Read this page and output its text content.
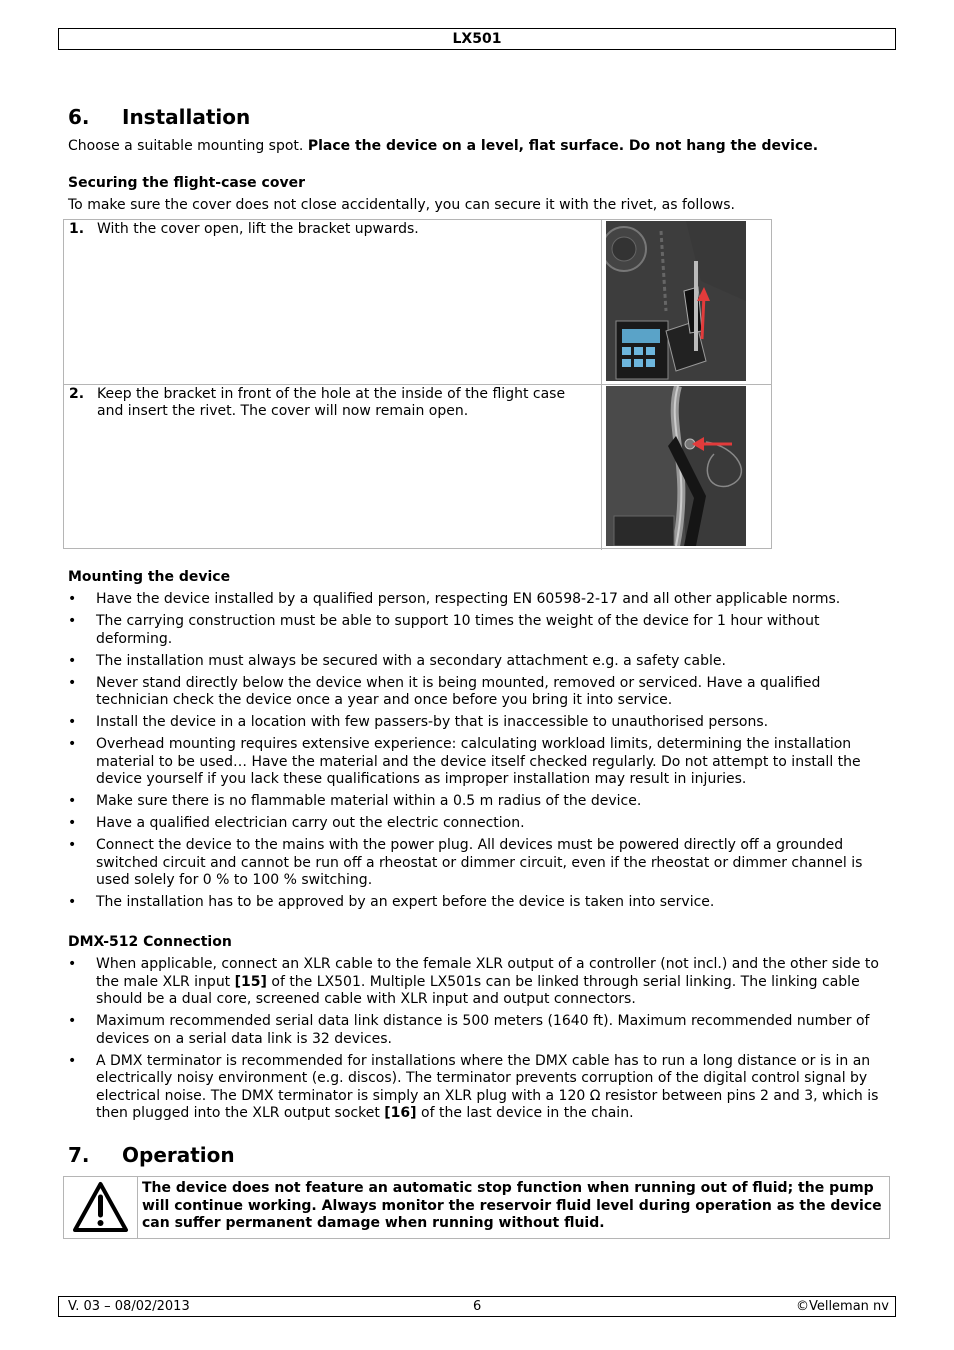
LX501
6. Installation

Choose a suitable mounting spot. Place the device on a level, flat surface. Do not hang the device.

Securing the flight-case cover

To make sure the cover does not close accidentally, you can secure it with the rivet, as follows.

1. With the cover open, lift the bracket upwards.
2. Keep the bracket in front of the hole at the inside of the flight case and insert the rivet. The cover will now remain open.

Mounting the device

• Have the device installed by a qualified person, respecting EN 60598-2-17 and all other applicable norms.
• The carrying construction must be able to support 10 times the weight of the device for 1 hour without deforming.
• The installation must always be secured with a secondary attachment e.g. a safety cable.
• Never stand directly below the device when it is being mounted, removed or serviced. Have a qualified technician check the device once a year and once before you bring it into service.
• Install the device in a location with few passers-by that is inaccessible to unauthorised persons.
• Overhead mounting requires extensive experience: calculating workload limits, determining the installation material to be used… Have the material and the device itself checked regularly. Do not attempt to install the device yourself if you lack these qualifications as improper installation may result in injuries.
• Make sure there is no flammable material within a 0.5 m radius of the device.
• Have a qualified electrician carry out the electric connection.
• Connect the device to the mains with the power plug. All devices must be powered directly off a grounded switched circuit and cannot be run off a rheostat or dimmer circuit, even if the rheostat or dimmer channel is used solely for 0 % to 100 % switching.
• The installation has to be approved by an expert before the device is taken into service.

DMX-512 Connection

• When applicable, connect an XLR cable to the female XLR output of a controller (not incl.) and the other side to the male XLR input [15] of the LX501. Multiple LX501s can be linked through serial linking. The linking cable should be a dual core, screened cable with XLR input and output connectors.
• Maximum recommended serial data link distance is 500 meters (1640 ft). Maximum recommended number of devices on a serial data link is 32 devices.
• A DMX terminator is recommended for installations where the DMX cable has to run a long distance or is in an electrically noisy environment (e.g. discos). The terminator prevents corruption of the digital control signal by electrical noise. The DMX terminator is simply an XLR plug with a 120 Ω resistor between pins 2 and 3, which is then plugged into the XLR output socket [16] of the last device in the chain.
7. Operation
The device does not feature an automatic stop function when running out of fluid; the pump will continue working. Always monitor the reservoir fluid level during operation as the device can suffer permanent damage when running without fluid.
V. 03 – 08/02/2013	6	©Velleman nv
